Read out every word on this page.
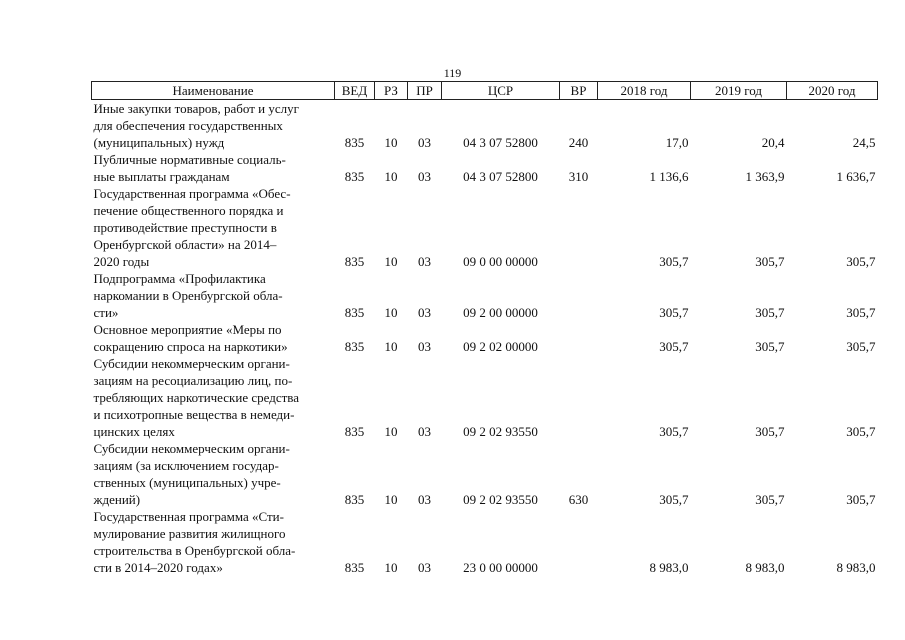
119
Наименование	ВЕД	РЗ	ПР	ЦСР	ВР	2018 год	2019 год	2020 год

Иные закупки товаров, работ и услуг
для обеспечения государственных
(муниципальных) нужд	835	10	03	04 3 07 52800	240	17,0	20,4	24,5

Публичные нормативные социаль-
ные выплаты гражданам	835	10	03	04 3 07 52800	310	1 136,6	1 363,9	1 636,7

Государственная программа «Обес-
печение общественного порядка и
противодействие преступности в
Оренбургской области» на 2014–
2020 годы	835	10	03	09 0 00 00000		305,7	305,7	305,7

Подпрограмма «Профилактика
наркомании в Оренбургской обла-
сти»	835	10	03	09 2 00 00000		305,7	305,7	305,7

Основное мероприятие «Меры по
сокращению спроса на наркотики»	835	10	03	09 2 02 00000		305,7	305,7	305,7

Субсидии некоммерческим органи-
зациям на ресоциализацию лиц, по-
требляющих наркотические средства
и психотропные вещества в немеди-
цинских целях	835	10	03	09 2 02 93550		305,7	305,7	305,7

Субсидии некоммерческим органи-
зациям (за исключением государ-
ственных (муниципальных) учре-
ждений)	835	10	03	09 2 02 93550	630	305,7	305,7	305,7

Государственная программа «Сти-
мулирование развития жилищного
строительства в Оренбургской обла-
сти в 2014–2020 годах»	835	10	03	23 0 00 00000		8 983,0	8 983,0	8 983,0
